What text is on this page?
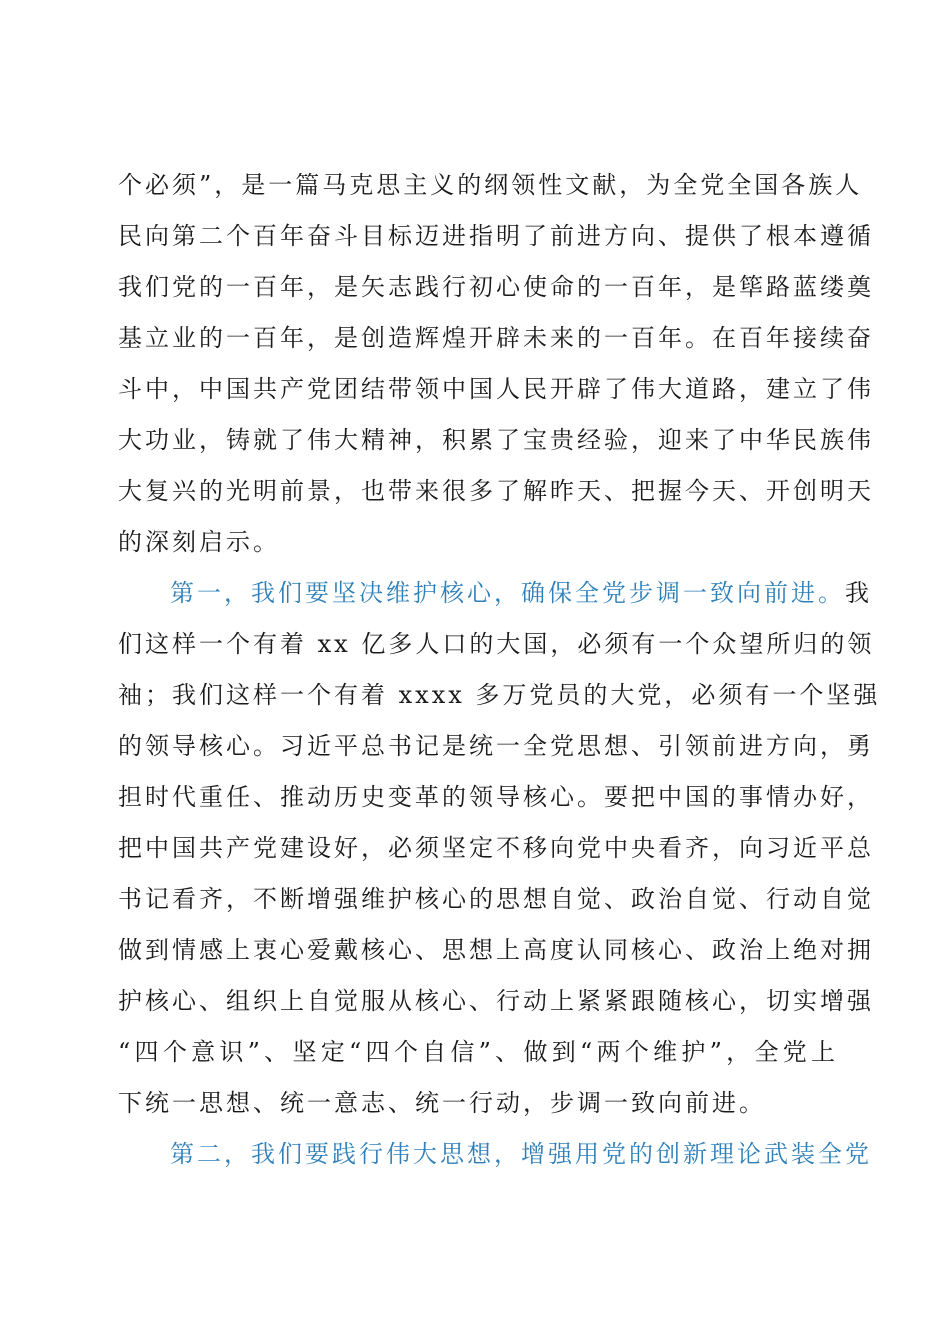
个必须”，是一篇马克思主义的纲领性文献，为全党全国各族人
民向第二个百年奋斗目标迈进指明了前进方向、提供了根本遵循
我们党的一百年，是矢志践行初心使命的一百年，是筚路蓝缕奠
基立业的一百年，是创造辉煌开辟未来的一百年。在百年接续奋
斗中，中国共产党团结带领中国人民开辟了伟大道路，建立了伟
大功业，铸就了伟大精神，积累了宝贵经验，迎来了中华民族伟
大复兴的光明前景，也带来很多了解昨天、把握今天、开创明天
的深刻启示。
第一，我们要坚决维护核心，确保全党步调一致向前进。我
们这样一个有着 xx 亿多人口的大国，必须有一个众望所归的领
袖；我们这样一个有着 xxxx 多万党员的大党，必须有一个坚强
的领导核心。习近平总书记是统一全党思想、引领前进方向，勇
担时代重任、推动历史变革的领导核心。要把中国的事情办好，
把中国共产党建设好，必须坚定不移向党中央看齐，向习近平总
书记看齐，不断增强维护核心的思想自觉、政治自觉、行动自觉
做到情感上衷心爱戴核心、思想上高度认同核心、政治上绝对拥
护核心、组织上自觉服从核心、行动上紧紧跟随核心，切实增强
“四个意识”、坚定“四个自信”、做到“两个维护”，全党上
下统一思想、统一意志、统一行动，步调一致向前进。
第二，我们要践行伟大思想，增强用党的创新理论武装全党
